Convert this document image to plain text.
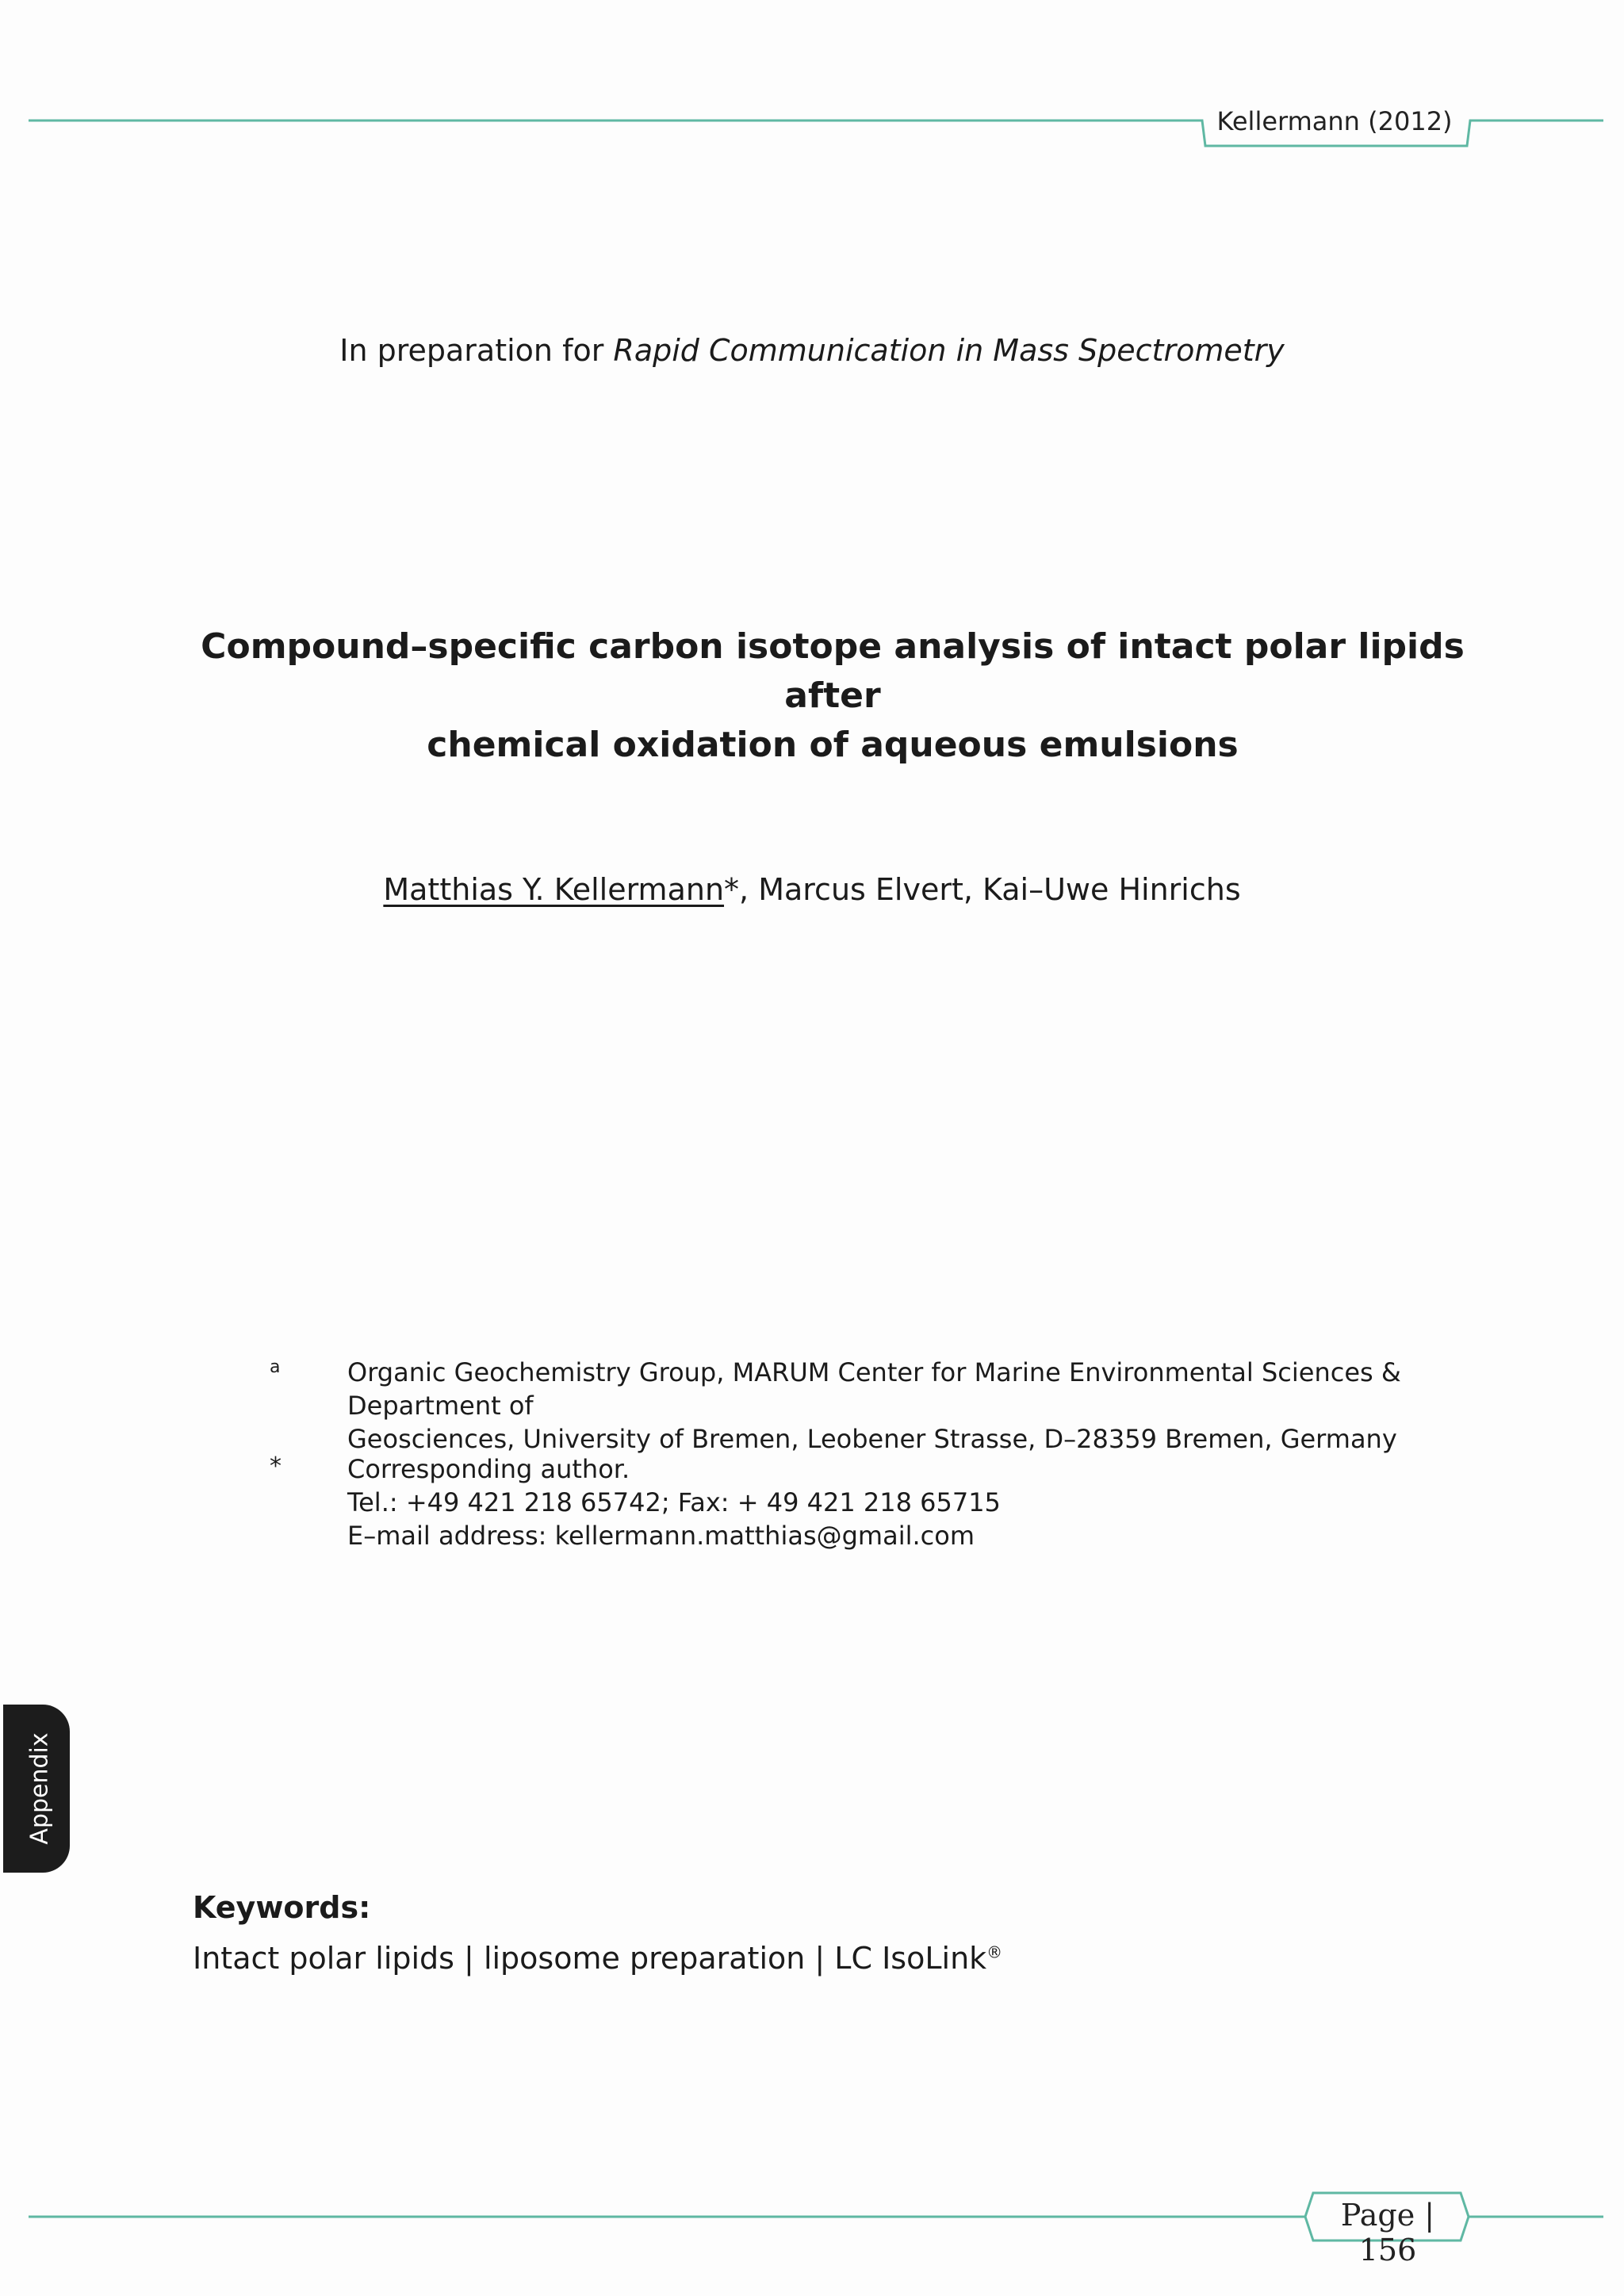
Kellermann (2012)
In preparation for Rapid Communication in Mass Spectrometry
Compound–specific carbon isotope analysis of intact polar lipids after
chemical oxidation of aqueous emulsions
Matthias Y. Kellermann*, Marcus Elvert, Kai–Uwe Hinrichs
a	Organic Geochemistry Group, MARUM Center for Marine Environmental Sciences & Department of
Geosciences, University of Bremen, Leobener Strasse, D–28359 Bremen, Germany
*	Corresponding author.
Tel.: +49 421 218 65742; Fax: + 49 421 218 65715
E–mail address: kellermann.matthias@gmail.com
Appendix
Keywords:
Intact polar lipids | liposome preparation | LC IsoLink®
Page | 156
